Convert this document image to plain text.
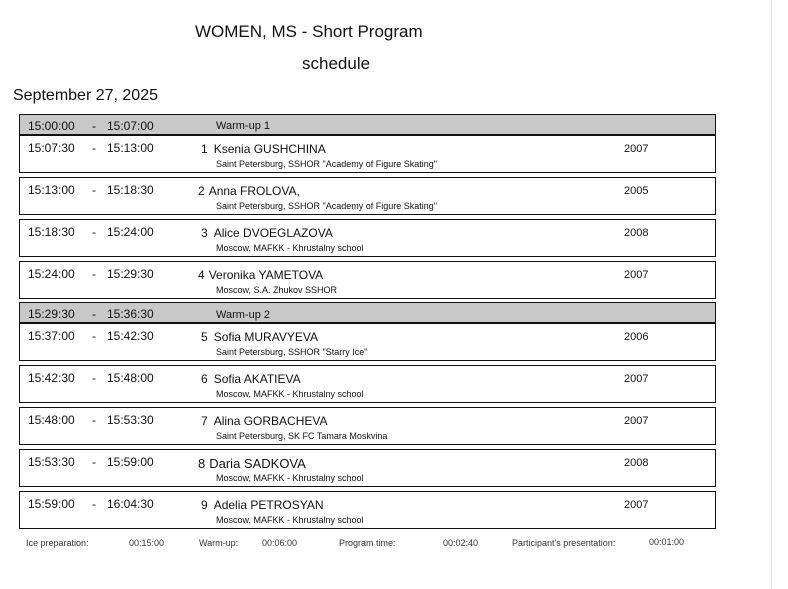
WOMEN, MS - Short Program
schedule
September 27, 2025
15:00:00 - 15:07:00	Warm-up 1
15:07:30 - 15:13:00	1 Ksenia GUSHCHINA
Saint Petersburg, SSHOR "Academy of Figure Skating"
2007
15:13:00 - 15:18:30	2 Anna FROLOVA,
Saint Petersburg, SSHOR "Academy of Figure Skating"
2005
15:18:30 - 15:24:00	3 Alice DVOEGLAZOVA
Moscow, MAFKK - Khrustalny school
2008
15:24:00 - 15:29:30	4 Veronika YAMETOVA
Moscow, S.A. Zhukov SSHOR
2007
15:29:30 - 15:36:30	Warm-up 2
15:37:00 - 15:42:30	5 Sofia MURAVYEVA
Saint Petersburg, SSHOR "Starry Ice"
2006
15:42:30 - 15:48:00	6 Sofia AKATIEVA
Moscow, MAFKK - Khrustalny school
2007
15:48:00 - 15:53:30	7 Alina GORBACHEVA
Saint Petersburg, SK FC Tamara Moskvina
2007
15:53:30 - 15:59:00	8 Daria SADKOVA
Moscow, MAFKK - Khrustalny school
2008
15:59:00 - 16:04:30	9 Adelia PETROSYAN
Moscow, MAFKK - Khrustalny school
2007
Ice preparation:	00:15:00	Warm-up:	00:06:00	Program time:	00:02:40	Participant's presentation:	00:01:00
